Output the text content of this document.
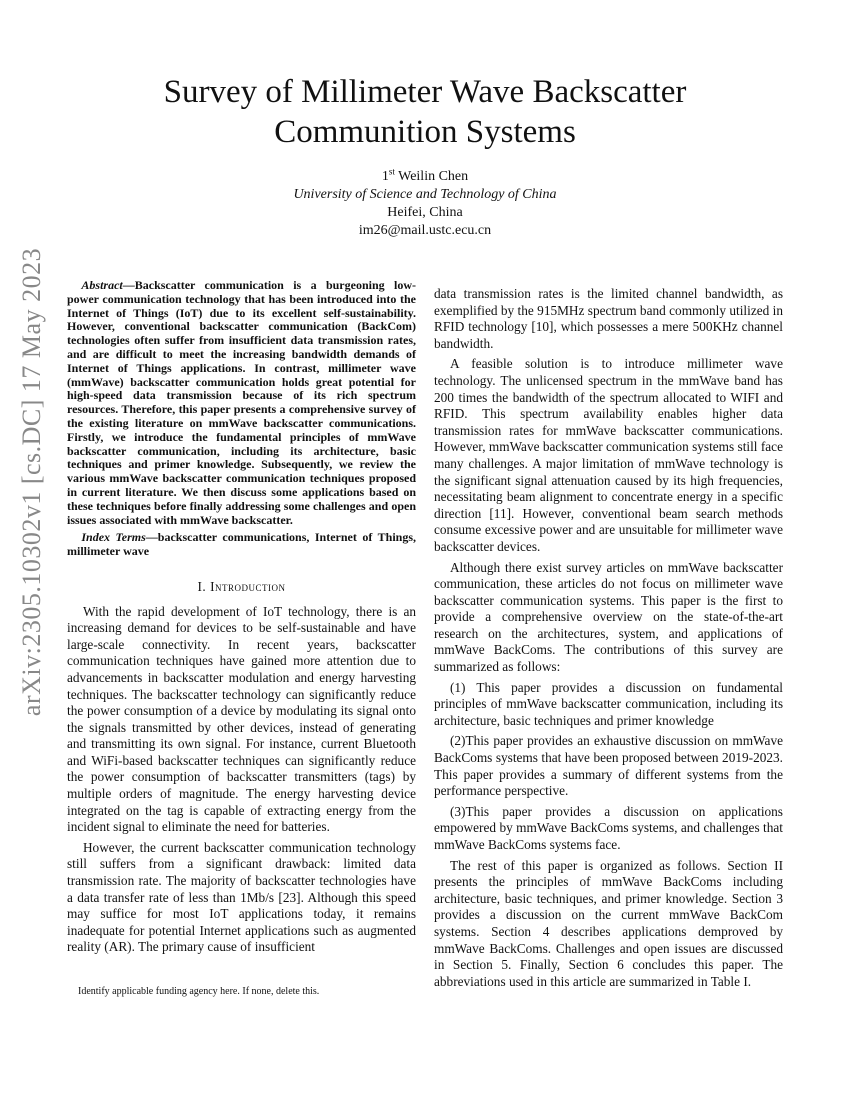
arXiv:2305.10302v1 [cs.DC] 17 May 2023
Survey of Millimeter Wave Backscatter
Communition Systems
1st Weilin Chen
University of Science and Technology of China
Heifei, China
im26@mail.ustc.ecu.cn

Abstract—Backscatter communication is a burgeoning low-power communication technology that has been introduced into the Internet of Things (IoT) due to its excellent self-sustainability. However, conventional backscatter communication (BackCom) technologies often suffer from insufficient data transmission rates, and are difficult to meet the increasing bandwidth demands of Internet of Things applications. In contrast, millimeter wave (mmWave) backscatter communication holds great potential for high-speed data transmission because of its rich spectrum resources. Therefore, this paper presents a comprehensive survey of the existing literature on mmWave backscatter communications. Firstly, we introduce the fundamental principles of mmWave backscatter communication, including its architecture, basic techniques and primer knowledge. Subsequently, we review the various mmWave backscatter communication techniques proposed in current literature. We then discuss some applications based on these techniques before finally addressing some challenges and open issues associated with mmWave backscatter.

Index Terms—backscatter communications, Internet of Things, millimeter wave

I. Introduction

With the rapid development of IoT technology, there is an increasing demand for devices to be self-sustainable and have large-scale connectivity. In recent years, backscatter communication techniques have gained more attention due to advancements in backscatter modulation and energy harvesting techniques. The backscatter technology can significantly reduce the power consumption of a device by modulating its signal onto the signals transmitted by other devices, instead of generating and transmitting its own signal. For instance, current Bluetooth and WiFi-based backscatter techniques can significantly reduce the power consumption of backscatter transmitters (tags) by multiple orders of magnitude. The energy harvesting device integrated on the tag is capable of extracting energy from the incident signal to eliminate the need for batteries.

However, the current backscatter communication technology still suffers from a significant drawback: limited data transmission rate. The majority of backscatter technologies have a data transfer rate of less than 1Mb/s [23]. Although this speed may suffice for most IoT applications today, it remains inadequate for potential Internet applications such as augmented reality (AR). The primary cause of insufficient

data transmission rates is the limited channel bandwidth, as exemplified by the 915MHz spectrum band commonly utilized in RFID technology [10], which possesses a mere 500KHz channel bandwidth.

A feasible solution is to introduce millimeter wave technology. The unlicensed spectrum in the mmWave band has 200 times the bandwidth of the spectrum allocated to WIFI and RFID. This spectrum availability enables higher data transmission rates for mmWave backscatter communications. However, mmWave backscatter communication systems still face many challenges. A major limitation of mmWave technology is the significant signal attenuation caused by its high frequencies, necessitating beam alignment to concentrate energy in a specific direction [11]. However, conventional beam search methods consume excessive power and are unsuitable for millimeter wave backscatter devices.

Although there exist survey articles on mmWave backscatter communication, these articles do not focus on millimeter wave backscatter communication systems. This paper is the first to provide a comprehensive overview on the state-of-the-art research on the architectures, system, and applications of mmWave BackComs. The contributions of this survey are summarized as follows:

(1) This paper provides a discussion on fundamental principles of mmWave backscatter communication, including its architecture, basic techniques and primer knowledge

(2)This paper provides an exhaustive discussion on mmWave BackComs systems that have been proposed between 2019-2023. This paper provides a summary of different systems from the performance perspective.

(3)This paper provides a discussion on applications empowered by mmWave BackComs systems, and challenges that mmWave BackComs systems face.

The rest of this paper is organized as follows. Section II presents the principles of mmWave BackComs including architecture, basic techniques, and primer knowledge. Section 3 provides a discussion on the current mmWave BackCom systems. Section 4 describes applications demproved by mmWave BackComs. Challenges and open issues are discussed in Section 5. Finally, Section 6 concludes this paper. The abbreviations used in this article are summarized in Table I.

Identify applicable funding agency here. If none, delete this.
